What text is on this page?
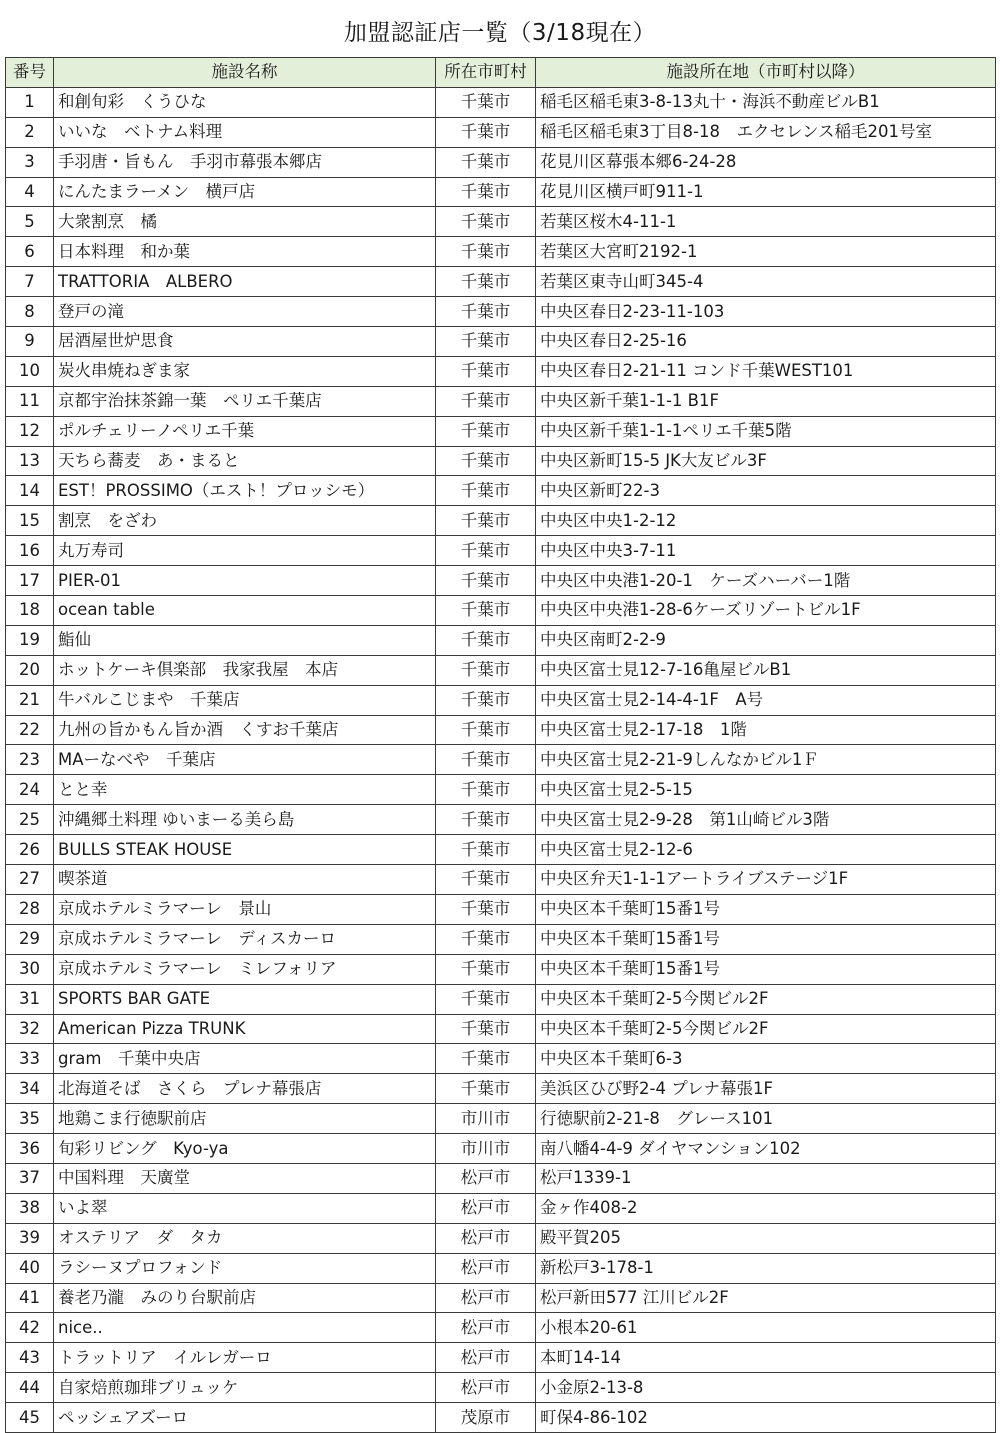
加盟認証店一覧（3/18現在）
番号	施設名称	所在市町村	施設所在地（市町村以降）
1	和創旬彩　くうひな	千葉市	稲毛区稲毛東3-8-13丸十・海浜不動産ビルB1
2	いいな　ベトナム料理	千葉市	稲毛区稲毛東3丁目8-18　エクセレンス稲毛201号室
3	手羽唐・旨もん　手羽市幕張本郷店	千葉市	花見川区幕張本郷6-24-28
4	にんたまラーメン　横戸店	千葉市	花見川区横戸町911-1
5	大衆割烹　橘	千葉市	若葉区桜木4-11-1
6	日本料理　和か葉	千葉市	若葉区大宮町2192-1
7	TRATTORIA　ALBERO	千葉市	若葉区東寺山町345-4
8	登戸の滝	千葉市	中央区春日2-23-11-103
9	居酒屋世炉思食	千葉市	中央区春日2-25-16
10	炭火串焼ねぎま家	千葉市	中央区春日2-21-11 コンド千葉WEST101
11	京都宇治抹茶錦一葉　ペリエ千葉店	千葉市	中央区新千葉1-1-1 B1F
12	ポルチェリーノペリエ千葉	千葉市	中央区新千葉1-1-1ペリエ千葉5階
13	天ちら蕎麦　あ・まると	千葉市	中央区新町15-5 JK大友ビル3F
14	EST！PROSSIMO（エスト！プロッシモ）	千葉市	中央区新町22-3
15	割烹　をざわ	千葉市	中央区中央1-2-12
16	丸万寿司	千葉市	中央区中央3-7-11
17	PIER-01	千葉市	中央区中央港1-20-1　ケーズハーバー1階
18	ocean table	千葉市	中央区中央港1-28-6ケーズリゾートビル1F
19	鮨仙	千葉市	中央区南町2-2-9
20	ホットケーキ倶楽部　我家我屋　本店	千葉市	中央区富士見12-7-16亀屋ビルB1
21	牛バルこじまや　千葉店	千葉市	中央区富士見2-14-4-1F　A号
22	九州の旨かもん旨か酒　くすお千葉店	千葉市	中央区富士見2-17-18　1階
23	MAーなべや　千葉店	千葉市	中央区富士見2-21-9しんなかビル1Ｆ
24	とと幸	千葉市	中央区富士見2-5-15
25	沖縄郷土料理 ゆいまーる美ら島	千葉市	中央区富士見2-9-28　第1山崎ビル3階
26	BULLS STEAK HOUSE	千葉市	中央区富士見2-12-6
27	喫茶道	千葉市	中央区弁天1-1-1アートライブステージ1F
28	京成ホテルミラマーレ　景山	千葉市	中央区本千葉町15番1号
29	京成ホテルミラマーレ　ディスカーロ	千葉市	中央区本千葉町15番1号
30	京成ホテルミラマーレ　ミレフォリア	千葉市	中央区本千葉町15番1号
31	SPORTS BAR GATE	千葉市	中央区本千葉町2-5今関ビル2F
32	American Pizza TRUNK	千葉市	中央区本千葉町2-5今関ビル2F
33	gram　千葉中央店	千葉市	中央区本千葉町6-3
34	北海道そば　さくら　プレナ幕張店	千葉市	美浜区ひび野2-4 プレナ幕張1F
35	地鶏こま行徳駅前店	市川市	行徳駅前2-21-8　グレース101
36	旬彩リビング　Kyo-ya	市川市	南八幡4-4-9 ダイヤマンション102
37	中国料理　天廣堂	松戸市	松戸1339-1
38	いよ翠	松戸市	金ヶ作408-2
39	オステリア　ダ　タカ	松戸市	殿平賀205
40	ラシーヌプロフォンド	松戸市	新松戸3-178-1
41	養老乃瀧　みのり台駅前店	松戸市	松戸新田577 江川ビル2F
42	nice..	松戸市	小根本20-61
43	トラットリア　イルレガーロ	松戸市	本町14-14
44	自家焙煎珈琲ブリュッケ	松戸市	小金原2-13-8
45	ペッシェアズーロ	茂原市	町保4-86-102
